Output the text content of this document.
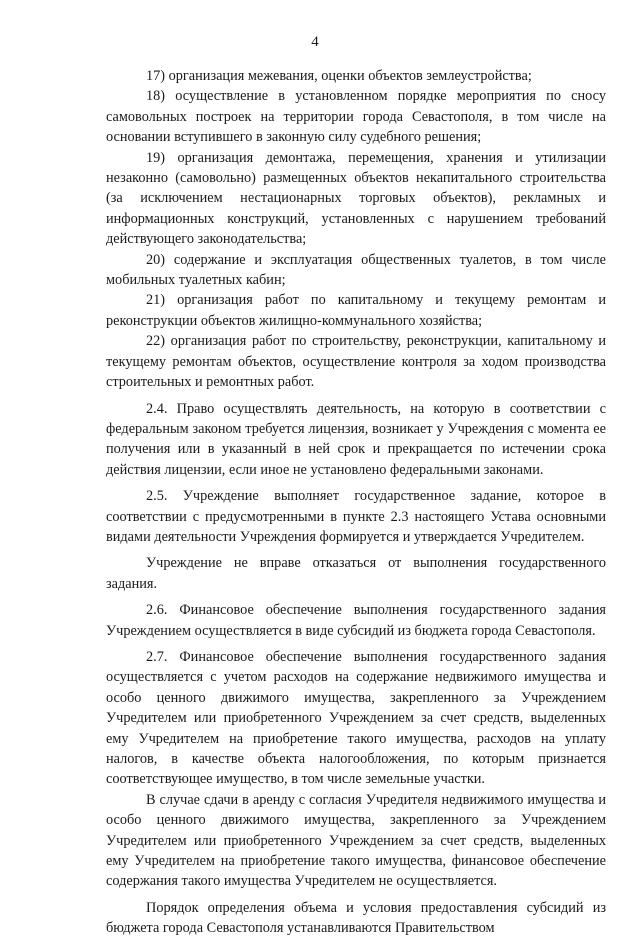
4

17) организация межевания, оценки объектов землеустройства;

18) осуществление в установленном порядке мероприятия по сносу самовольных построек на территории города Севастополя, в том числе на основании вступившего в законную силу судебного решения;

19) организация демонтажа, перемещения, хранения и утилизации незаконно (самовольно) размещенных объектов некапитального строительства (за исключением нестационарных торговых объектов), рекламных и информационных конструкций, установленных с нарушением требований действующего законодательства;

20) содержание и эксплуатация общественных туалетов, в том числе мобильных туалетных кабин;

21) организация работ по капитальному и текущему ремонтам и реконструкции объектов жилищно-коммунального хозяйства;

22) организация работ по строительству, реконструкции, капитальному и текущему ремонтам объектов, осуществление контроля за ходом производства строительных и ремонтных работ.

2.4. Право осуществлять деятельность, на которую в соответствии с федеральным законом требуется лицензия, возникает у Учреждения с момента ее получения или в указанный в ней срок и прекращается по истечении срока действия лицензии, если иное не установлено федеральными законами.

2.5. Учреждение выполняет государственное задание, которое в соответствии с предусмотренными в пункте 2.3 настоящего Устава основными видами деятельности Учреждения формируется и утверждается Учредителем.

Учреждение не вправе отказаться от выполнения государственного задания.

2.6. Финансовое обеспечение выполнения государственного задания Учреждением осуществляется в виде субсидий из бюджета города Севастополя.

2.7. Финансовое обеспечение выполнения государственного задания осуществляется с учетом расходов на содержание недвижимого имущества и особо ценного движимого имущества, закрепленного за Учреждением Учредителем или приобретенного Учреждением за счет средств, выделенных ему Учредителем на приобретение такого имущества, расходов на уплату налогов, в качестве объекта налогообложения, по которым признается соответствующее имущество, в том числе земельные участки.

В случае сдачи в аренду с согласия Учредителя недвижимого имущества и особо ценного движимого имущества, закрепленного за Учреждением Учредителем или приобретенного Учреждением за счет средств, выделенных ему Учредителем на приобретение такого имущества, финансовое обеспечение содержания такого имущества Учредителем не осуществляется.

Порядок определения объема и условия предоставления субсидий из бюджета города Севастополя устанавливаются Правительством
